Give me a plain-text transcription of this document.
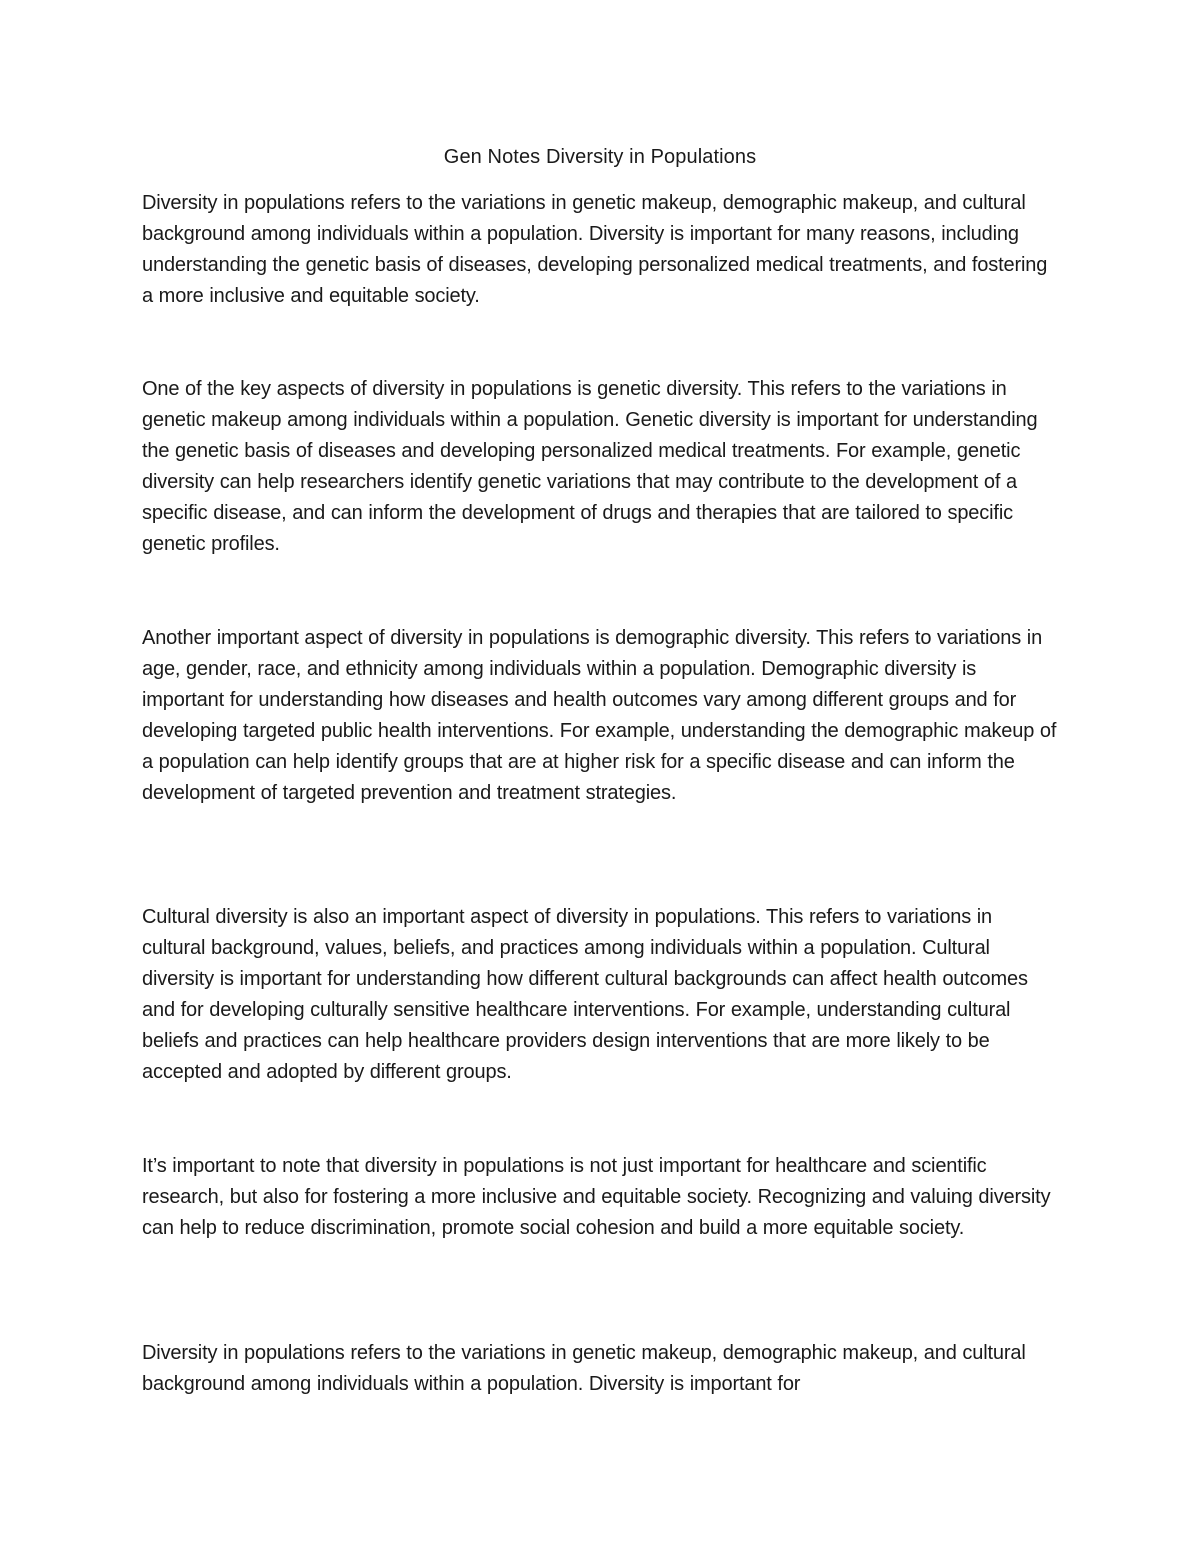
Gen Notes Diversity in Populations

Diversity in populations refers to the variations in genetic makeup, demographic makeup, and cultural background among individuals within a population. Diversity is important for many reasons, including understanding the genetic basis of diseases, developing personalized medical treatments, and fostering a more inclusive and equitable society.

One of the key aspects of diversity in populations is genetic diversity. This refers to the variations in genetic makeup among individuals within a population. Genetic diversity is important for understanding the genetic basis of diseases and developing personalized medical treatments. For example, genetic diversity can help researchers identify genetic variations that may contribute to the development of a specific disease, and can inform the development of drugs and therapies that are tailored to specific genetic profiles.

Another important aspect of diversity in populations is demographic diversity. This refers to variations in age, gender, race, and ethnicity among individuals within a population. Demographic diversity is important for understanding how diseases and health outcomes vary among different groups and for developing targeted public health interventions. For example, understanding the demographic makeup of a population can help identify groups that are at higher risk for a specific disease and can inform the development of targeted prevention and treatment strategies.

Cultural diversity is also an important aspect of diversity in populations. This refers to variations in cultural background, values, beliefs, and practices among individuals within a population. Cultural diversity is important for understanding how different cultural backgrounds can affect health outcomes and for developing culturally sensitive healthcare interventions. For example, understanding cultural beliefs and practices can help healthcare providers design interventions that are more likely to be accepted and adopted by different groups.

It’s important to note that diversity in populations is not just important for healthcare and scientific research, but also for fostering a more inclusive and equitable society. Recognizing and valuing diversity can help to reduce discrimination, promote social cohesion and build a more equitable society.

Diversity in populations refers to the variations in genetic makeup, demographic makeup, and cultural background among individuals within a population. Diversity is important for
